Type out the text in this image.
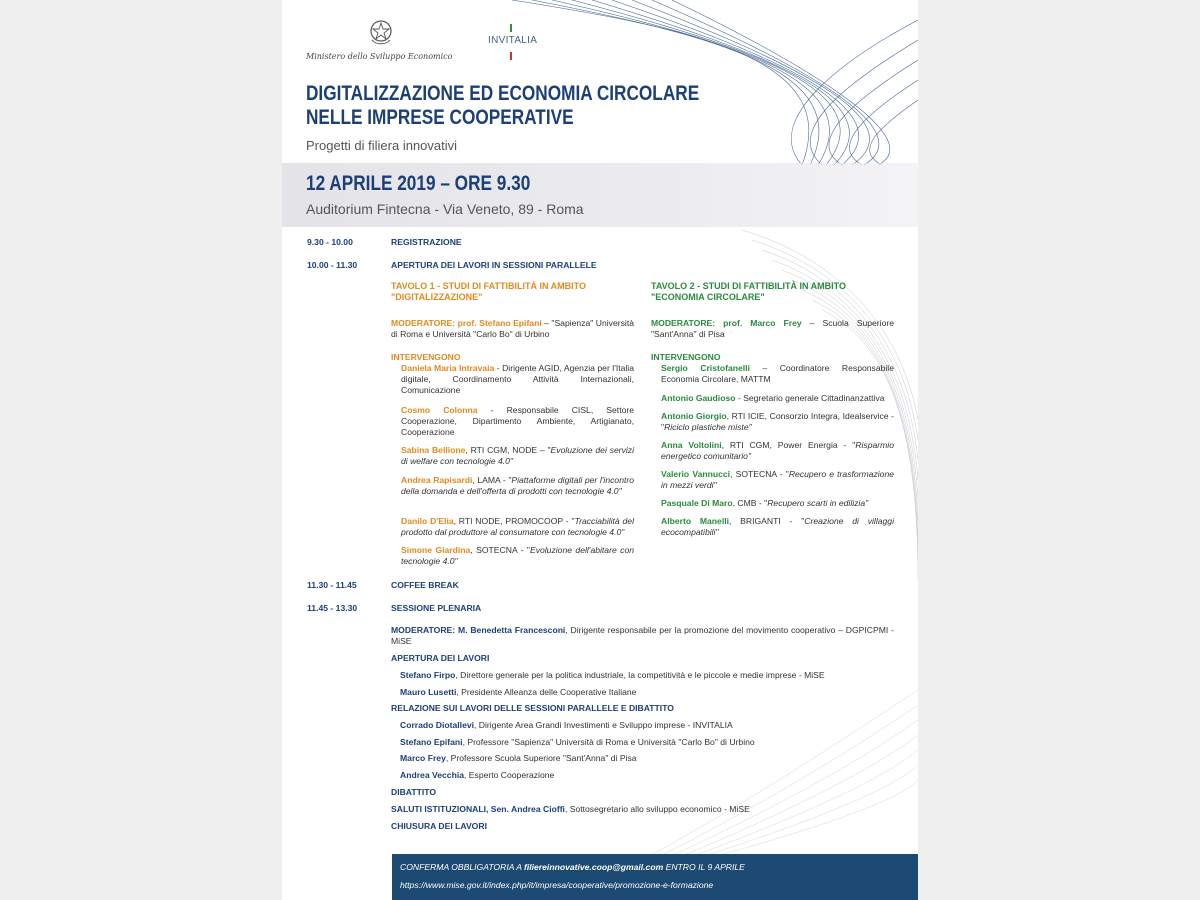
Ministero dello Sviluppo Economico
INVITALIA
DIGITALIZZAZIONE ED ECONOMIA CIRCOLARE
NELLE IMPRESE COOPERATIVE
Progetti di filiera innovativi
12 APRILE 2019 – ORE 9.30
Auditorium Fintecna - Via Veneto, 89 - Roma
9.30 - 10.00	REGISTRAZIONE
10.00 - 11.30	APERTURA DEI LAVORI IN SESSIONI PARALLELE
TAVOLO 1 - STUDI DI FATTIBILITÀ IN AMBITO
"DIGITALIZZAZIONE"
MODERATORE: prof. Stefano Epifani – "Sapienza" Università di Roma e Università "Carlo Bo" di Urbino
INTERVENGONO
Daniela Maria Intravaia - Dirigente AGID, Agenzia per l'Italia digitale, Coordinamento Attività Internazionali, Comunicazione
Cosmo Colonna - Responsabile CISL, Settore Cooperazione, Dipartimento Ambiente, Artigianato, Cooperazione
Sabina Bellione, RTI CGM, NODE – "Evoluzione dei servizi di welfare con tecnologie 4.0"
Andrea Rapisardi, LAMA - "Piattaforme digitali per l'incontro della domanda e dell'offerta di prodotti con tecnologie 4.0"
Danilo D'Elia, RTI NODE, PROMOCOOP - "Tracciabilità del prodotto dal produttore al consumatore con tecnologie 4.0"
Simone Giardina, SOTECNA - "Evoluzione dell'abitare con tecnologie 4.0"
TAVOLO 2 - STUDI DI FATTIBILITÀ IN AMBITO
"ECONOMIA CIRCOLARE"
MODERATORE: prof. Marco Frey – Scuola Superiore "Sant'Anna" di Pisa
INTERVENGONO
Sergio Cristofanelli – Coordinatore Responsabile Economia Circolare, MATTM
Antonio Gaudioso - Segretario generale Cittadinanzattiva
Antonio Giorgio, RTI ICIE, Consorzio Integra, Idealservice - "Riciclo plastiche miste"
Anna Voltolini, RTI CGM, Power Energia - "Risparmio energetico comunitario"
Valerio Vannucci, SOTECNA - "Recupero e trasformazione in mezzi verdi"
Pasquale Di Maro, CMB - "Recupero scarti in edilizia"
Alberto Manelli, BRIGANTI - "Creazione di villaggi ecocompatibili"
11.30 - 11.45	COFFEE BREAK
11.45 - 13.30	SESSIONE PLENARIA
MODERATORE: M. Benedetta Francesconi, Dirigente responsabile per la promozione del movimento cooperativo – DGPICPMI - MiSE
APERTURA DEI LAVORI
Stefano Firpo, Direttore generale per la politica industriale, la competitività e le piccole e medie imprese - MiSE
Mauro Lusetti, Presidente Alleanza delle Cooperative Italiane
RELAZIONE SUI LAVORI DELLE SESSIONI PARALLELE E DIBATTITO
Corrado Diotallevi, Dirigente Area Grandi Investimenti e Sviluppo imprese - INVITALIA
Stefano Epifani, Professore "Sapienza" Università di Roma e Università "Carlo Bo" di Urbino
Marco Frey, Professore Scuola Superiore "Sant'Anna" di Pisa
Andrea Vecchia, Esperto Cooperazione
DIBATTITO
SALUTI ISTITUZIONALI, Sen. Andrea Cioffi, Sottosegretario allo sviluppo economico - MiSE
CHIUSURA DEI LAVORI
CONFERMA OBBLIGATORIA A filiereinnovative.coop@gmail.com ENTRO IL 9 APRILE
https://www.mise.gov.it/index.php/it/impresa/cooperative/promozione-e-formazione
